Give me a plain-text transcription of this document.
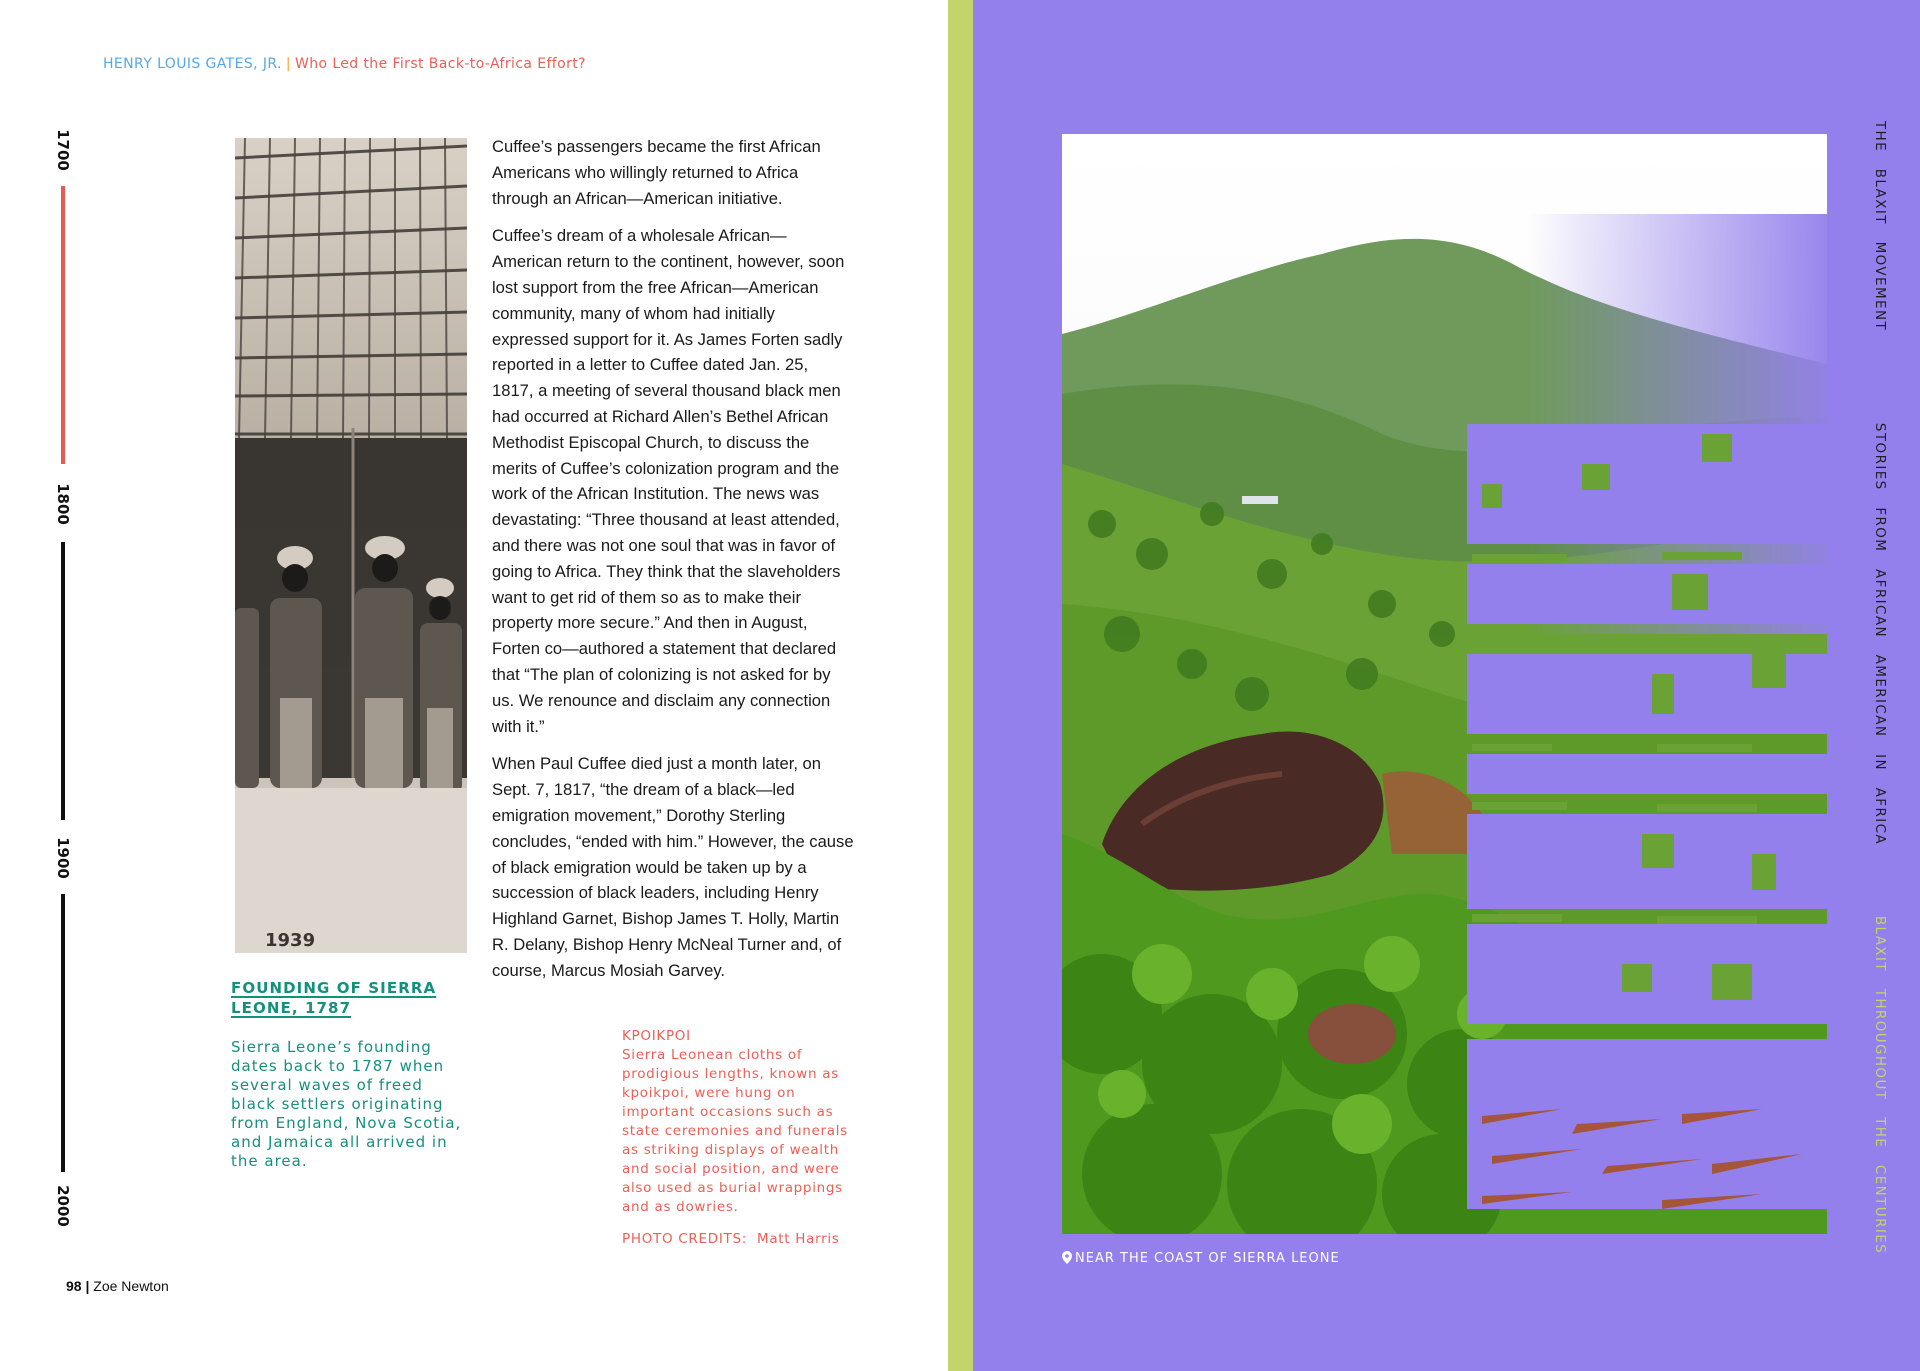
HENRY LOUIS GATES, JR. | Who Led the First Back-to-Africa Effort?
1700
1800
1900
2000
1939
FOUNDING OF SIERRA LEONE, 1787
Sierra Leone’s founding dates back to 1787 when several waves of freed black settlers originating from England, Nova Scotia, and Jamaica all arrived in the area.

Cuffee’s passengers became the first African Americans who willingly returned to Africa through an African—American initiative.

Cuffee’s dream of a wholesale African—American return to the continent, however, soon lost support from the free African—American community, many of whom had initially expressed support for it. As James Forten sadly reported in a letter to Cuffee dated Jan. 25, 1817, a meeting of several thousand black men had occurred at Richard Allen’s Bethel African Methodist Episcopal Church, to discuss the merits of Cuffee’s colonization program and the work of the African Institution. The news was devastating: “Three thousand at least attended, and there was not one soul that was in favor of going to Africa. They think that the slaveholders want to get rid of them so as to make their property more secure.” And then in August, Forten co—authored a statement that declared that “The plan of colonizing is not asked for by us. We renounce and disclaim any connection with it.”

When Paul Cuffee died just a month later, on Sept. 7, 1817, “the dream of a black—led emigration movement,” Dorothy Sterling concludes, “ended with him.” However, the cause of black emigration would be taken up by a succession of black leaders, including Henry Highland Garnet, Bishop James T. Holly, Martin R. Delany, Bishop Henry McNeal Turner and, of course, Marcus Mosiah Garvey.

KPOIKPOI
Sierra Leonean cloths of prodigious lengths, known as kpoikpoi, were hung on important occasions such as state ceremonies and funerals as striking displays of wealth and social position, and were also used as burial wrappings and as dowries.
PHOTO CREDITS: Matt Harris
98 | Zoe Newton
NEAR THE COAST OF SIERRA LEONE
THE BLAXIT MOVEMENT
STORIES FROM AFRICAN AMERICAN IN AFRICA
BLAXIT THROUGHOUT THE CENTURIES
